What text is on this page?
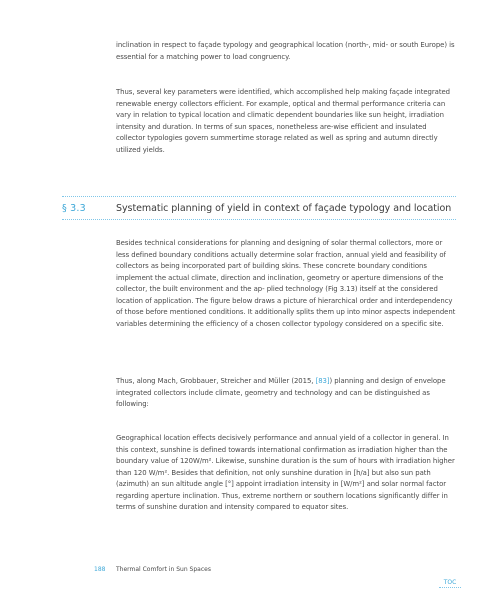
inclination in respect to façade typology and geographical location (north-, mid- or south Europe) is essential for a matching power to load congruency.

Thus, several key parameters were identified, which accomplished help making façade integrated renewable energy collectors efficient. For example, optical and thermal performance criteria can vary in relation to typical location and climatic dependent boundaries like sun height, irradiation intensity and duration. In terms of sun spaces, nonetheless are-wise efficient and insulated collector typologies govern summertime storage related as well as spring and autumn directly utilized yields.

§ 3.3	Systematic planning of yield in context of façade typology and location

Besides technical considerations for planning and designing of solar thermal collectors, more or less defined boundary conditions actually determine solar fraction, annual yield and feasibility of collectors as being incorporated part of building skins. These concrete boundary conditions implement the actual climate, direction and inclination, geometry or aperture dimensions of the collector, the built environment and the ap- plied technology (Fig 3.13) itself at the considered location of application. The figure below draws a picture of hierarchical order and interdependency of those before mentioned conditions. It additionally splits them up into minor aspects independent variables determining the efficiency of a chosen collector typology considered on a specific site.

Thus, along Mach, Grobbauer, Streicher and Müller (2015, [83]) planning and design of envelope integrated collectors include climate, geometry and technology and can be distinguished as following:

Geographical location effects decisively performance and annual yield of a collector in general. In this context, sunshine is defined towards international confirmation as irradiation higher than the boundary value of 120W/m². Likewise, sunshine duration is the sum of hours with irradiation higher than 120 W/m². Besides that definition, not only sunshine duration in [h/a] but also sun path (azimuth) an sun altitude angle [°] appoint irradiation intensity in [W/m²] and solar normal factor regarding aperture inclination. Thus, extreme northern or southern locations significantly differ in terms of sunshine duration and intensity compared to equator sites.

188 Thermal Comfort in Sun Spaces
TOC
